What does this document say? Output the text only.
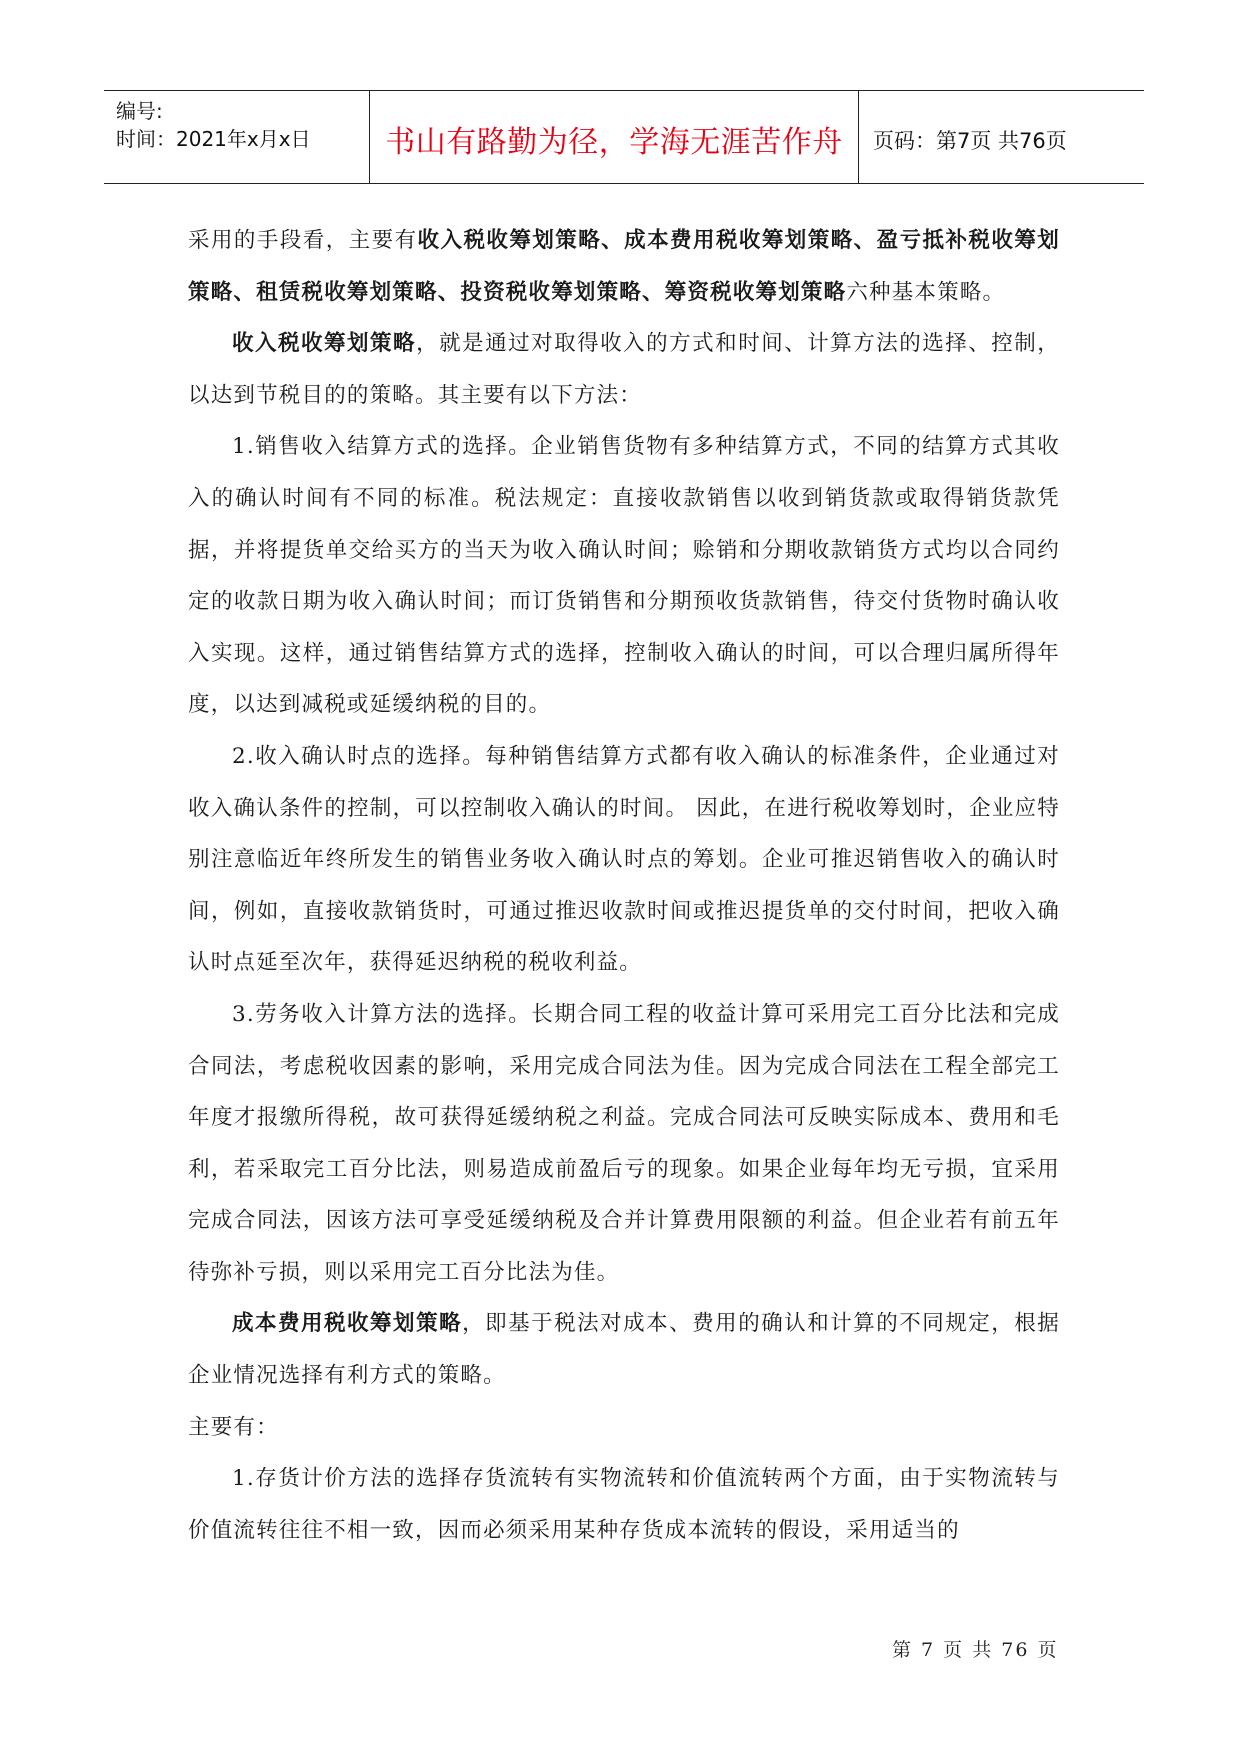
编号:
时间：2021年x月x日	书山有路勤为径，学海无涯苦作舟	页码：第7页 共76页

采用的手段看，主要有收入税收筹划策略、成本费用税收筹划策略、盈亏抵补税收筹划策略、租赁税收筹划策略、投资税收筹划策略、筹资税收筹划策略六种基本策略。

收入税收筹划策略，就是通过对取得收入的方式和时间、计算方法的选择、控制，以达到节税目的的策略。其主要有以下方法：

1.销售收入结算方式的选择。企业销售货物有多种结算方式，不同的结算方式其收入的确认时间有不同的标准。税法规定：直接收款销售以收到销货款或取得销货款凭据，并将提货单交给买方的当天为收入确认时间；赊销和分期收款销货方式均以合同约定的收款日期为收入确认时间；而订货销售和分期预收货款销售，待交付货物时确认收入实现。这样，通过销售结算方式的选择，控制收入确认的时间，可以合理归属所得年度，以达到减税或延缓纳税的目的。

2.收入确认时点的选择。每种销售结算方式都有收入确认的标准条件，企业通过对收入确认条件的控制，可以控制收入确认的时间。 因此，在进行税收筹划时，企业应特别注意临近年终所发生的销售业务收入确认时点的筹划。企业可推迟销售收入的确认时间，例如，直接收款销货时，可通过推迟收款时间或推迟提货单的交付时间，把收入确认时点延至次年，获得延迟纳税的税收利益。

3.劳务收入计算方法的选择。长期合同工程的收益计算可采用完工百分比法和完成合同法，考虑税收因素的影响，采用完成合同法为佳。因为完成合同法在工程全部完工年度才报缴所得税，故可获得延缓纳税之利益。完成合同法可反映实际成本、费用和毛利，若采取完工百分比法，则易造成前盈后亏的现象。如果企业每年均无亏损，宜采用完成合同法，因该方法可享受延缓纳税及合并计算费用限额的利益。但企业若有前五年待弥补亏损，则以采用完工百分比法为佳。

成本费用税收筹划策略，即基于税法对成本、费用的确认和计算的不同规定，根据企业情况选择有利方式的策略。

主要有：

1.存货计价方法的选择存货流转有实物流转和价值流转两个方面，由于实物流转与价值流转往往不相一致，因而必须采用某种存货成本流转的假设，采用适当的

第 7 页 共 76 页
